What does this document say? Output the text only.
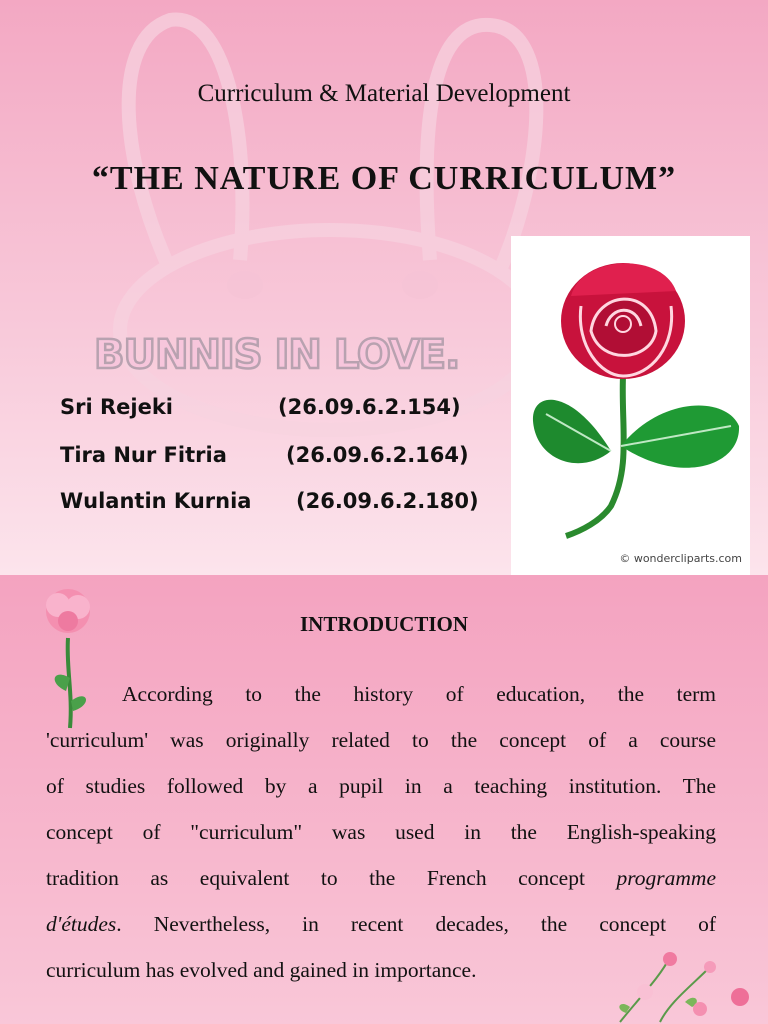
Curriculum & Material Development
“THE NATURE OF CURRICULUM”
BUNNIS IN LOVE.
Sri Rejeki	(26.09.6.2.154)
Tira Nur Fitria	(26.09.6.2.164)
Wulantin Kurnia (26.09.6.2.180)
© wondercliparts.com
INTRODUCTION
According to the history of education, the term
'curriculum' was originally related to the concept of a course
of studies followed by a pupil in a teaching institution. The
concept of "curriculum" was used in the English-speaking
tradition as equivalent to the French concept programme
d'études. Nevertheless, in recent decades, the concept of
curriculum has evolved and gained in importance.
